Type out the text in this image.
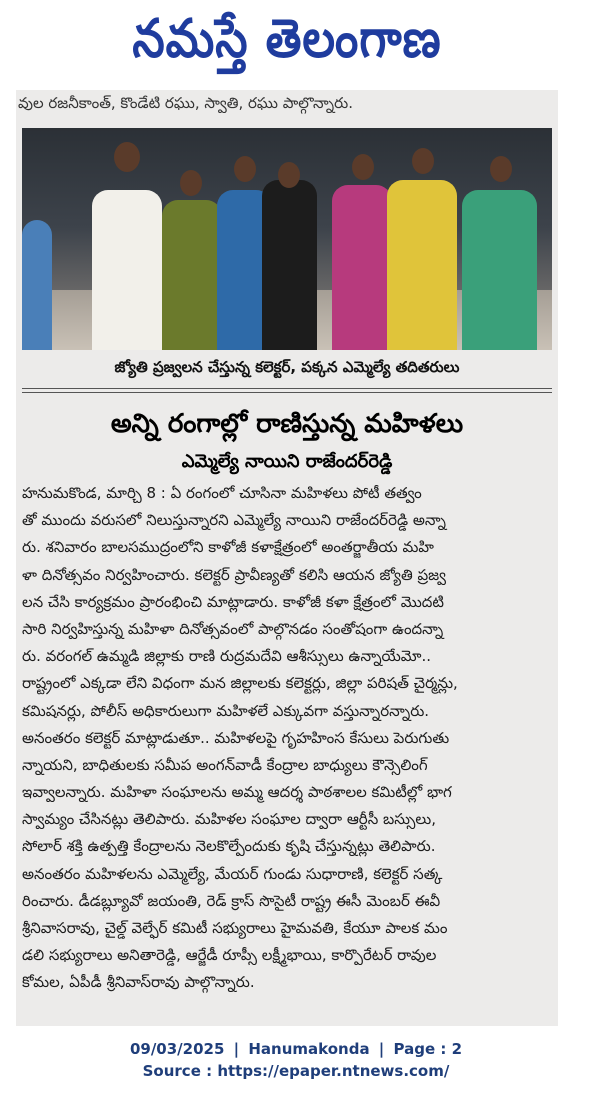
నమస్తే తెలంగాణ
వుల రజనీకాంత్, కొండేటి రఘు, స్వాతి, రఘు పాల్గొన్నారు.
జ్యోతి ప్రజ్వలన చేస్తున్న కలెక్టర్, పక్కన ఎమ్మెల్యే తదితరులు
అన్ని రంగాల్లో రాణిస్తున్న మహిళలు
ఎమ్మెల్యే నాయిని రాజేందర్‌రెడ్డి
హనుమకొండ, మార్చి 8 : ఏ రంగంలో చూసినా మహిళలు పోటీ తత్వం
తో ముందు వరుసలో నిలుస్తున్నారని ఎమ్మెల్యే నాయిని రాజేందర్‌రెడ్డి అన్నా
రు. శనివారం బాలసముద్రంలోని కాళోజీ కళాక్షేత్రంలో అంతర్జాతీయ మహి
ళా దినోత్సవం నిర్వహించారు. కలెక్టర్ ప్రావీణ్యతో కలిసి ఆయన జ్యోతి ప్రజ్వ
లన చేసి కార్యక్రమం ప్రారంభించి మాట్లాడారు. కాళోజీ కళా క్షేత్రంలో మొదటి
సారి నిర్వహిస్తున్న మహిళా దినోత్సవంలో పాల్గొనడం సంతోషంగా ఉందన్నా
రు. వరంగల్ ఉమ్మడి జిల్లాకు రాణి రుద్రమదేవి ఆశీస్సులు ఉన్నాయేమో..
రాష్ట్రంలో ఎక్కడా లేని విధంగా మన జిల్లాలకు కలెక్టర్లు, జిల్లా పరిషత్ చైర్మన్లు,
కమిషనర్లు, పోలీస్ అధికారులుగా మహిళలే ఎక్కువగా వస్తున్నారన్నారు.
అనంతరం కలెక్టర్ మాట్లాడుతూ.. మహిళలపై గృహహింస కేసులు పెరుగుతు
న్నాయని, బాధితులకు సమీప అంగన్‌వాడీ కేంద్రాల బాధ్యులు కౌన్సెలింగ్
ఇవ్వాలన్నారు. మహిళా సంఘాలను అమ్మ ఆదర్శ పాఠశాలల కమిటీల్లో భాగ
స్వామ్యం చేసినట్లు తెలిపారు. మహిళల సంఘాల ద్వారా ఆర్టీసీ బస్సులు,
సోలార్ శక్తి ఉత్పత్తి కేంద్రాలను నెలకొల్పేందుకు కృషి చేస్తున్నట్లు తెలిపారు.
అనంతరం మహిళలను ఎమ్మెల్యే, మేయర్ గుండు సుధారాణి, కలెక్టర్ సత్క
రించారు. డీడబ్ల్యూవో జయంతి, రెడ్ క్రాస్ సొసైటీ రాష్ట్ర ఈసీ మెంబర్ ఈవీ
శ్రీనివాసరావు, చైల్డ్ వెల్ఫేర్ కమిటీ సభ్యురాలు హైమవతి, కేయూ పాలక మం
డలి సభ్యురాలు అనితారెడ్డి, ఆర్జేడీ రూప్సీ లక్ష్మీభాయి, కార్పొరేటర్ రావుల
కోమల, ఏపీడీ శ్రీనివాస్‌రావు పాల్గొన్నారు.
09/03/2025 | Hanumakonda | Page : 2
Source : https://epaper.ntnews.com/
